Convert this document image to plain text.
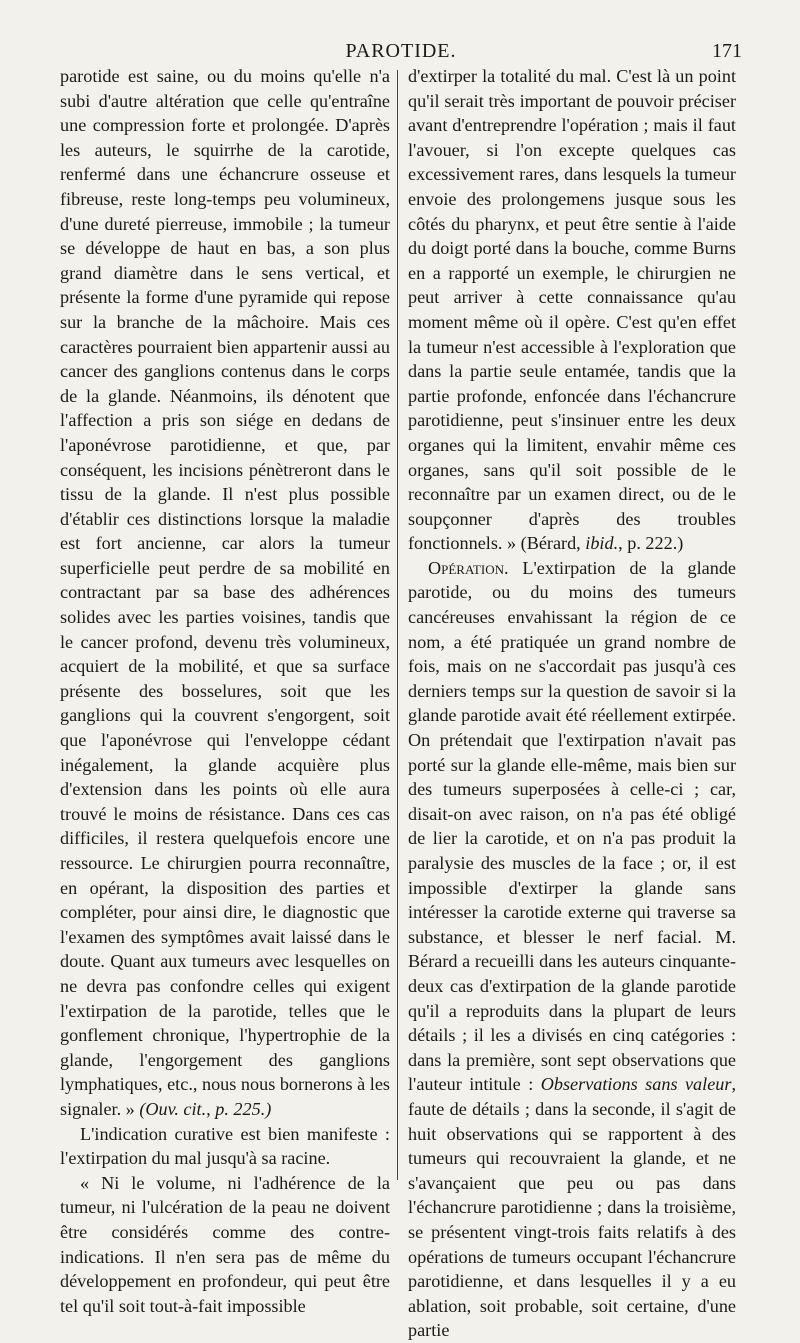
PAROTIDE.	171

parotide est saine, ou du moins qu'elle n'a subi d'autre altération que celle qu'entraîne une compression forte et prolongée. D'après les auteurs, le squirrhe de la carotide, renfermé dans une échancrure osseuse et fibreuse, reste long-temps peu volumineux, d'une dureté pierreuse, immobile ; la tumeur se développe de haut en bas, a son plus grand diamètre dans le sens vertical, et présente la forme d'une pyramide qui repose sur la branche de la mâchoire. Mais ces caractères pourraient bien appartenir aussi au cancer des ganglions contenus dans le corps de la glande. Néanmoins, ils dénotent que l'affection a pris son siége en dedans de l'aponévrose parotidienne, et que, par conséquent, les incisions pénètreront dans le tissu de la glande. Il n'est plus possible d'établir ces distinctions lorsque la maladie est fort ancienne, car alors la tumeur superficielle peut perdre de sa mobilité en contractant par sa base des adhérences solides avec les parties voisines, tandis que le cancer profond, devenu très volumineux, acquiert de la mobilité, et que sa surface présente des bosselures, soit que les ganglions qui la couvrent s'engorgent, soit que l'aponévrose qui l'enveloppe cédant inégalement, la glande acquière plus d'extension dans les points où elle aura trouvé le moins de résistance. Dans ces cas difficiles, il restera quelquefois encore une ressource. Le chirurgien pourra reconnaître, en opérant, la disposition des parties et compléter, pour ainsi dire, le diagnostic que l'examen des symptômes avait laissé dans le doute. Quant aux tumeurs avec lesquelles on ne devra pas confondre celles qui exigent l'extirpation de la parotide, telles que le gonflement chronique, l'hypertrophie de la glande, l'engorgement des ganglions lymphatiques, etc., nous nous bornerons à les signaler. » (Ouv. cit., p. 225.)

L'indication curative est bien manifeste : l'extirpation du mal jusqu'à sa racine.

« Ni le volume, ni l'adhérence de la tumeur, ni l'ulcération de la peau ne doivent être considérés comme des contre-indications. Il n'en sera pas de même du développement en profondeur, qui peut être tel qu'il soit tout-à-fait impossible

d'extirper la totalité du mal. C'est là un point qu'il serait très important de pouvoir préciser avant d'entreprendre l'opération ; mais il faut l'avouer, si l'on excepte quelques cas excessivement rares, dans lesquels la tumeur envoie des prolongemens jusque sous les côtés du pharynx, et peut être sentie à l'aide du doigt porté dans la bouche, comme Burns en a rapporté un exemple, le chirurgien ne peut arriver à cette connaissance qu'au moment même où il opère. C'est qu'en effet la tumeur n'est accessible à l'exploration que dans la partie seule entamée, tandis que la partie profonde, enfoncée dans l'échancrure parotidienne, peut s'insinuer entre les deux organes qui la limitent, envahir même ces organes, sans qu'il soit possible de le reconnaître par un examen direct, ou de le soupçonner d'après des troubles fonctionnels. » (Bérard, ibid., p. 222.)

Opération. L'extirpation de la glande parotide, ou du moins des tumeurs cancéreuses envahissant la région de ce nom, a été pratiquée un grand nombre de fois, mais on ne s'accordait pas jusqu'à ces derniers temps sur la question de savoir si la glande parotide avait été réellement extirpée. On prétendait que l'extirpation n'avait pas porté sur la glande elle-même, mais bien sur des tumeurs superposées à celle-ci ; car, disait-on avec raison, on n'a pas été obligé de lier la carotide, et on n'a pas produit la paralysie des muscles de la face ; or, il est impossible d'extirper la glande sans intéresser la carotide externe qui traverse sa substance, et blesser le nerf facial. M. Bérard a recueilli dans les auteurs cinquante-deux cas d'extirpation de la glande parotide qu'il a reproduits dans la plupart de leurs détails ; il les a divisés en cinq catégories : dans la première, sont sept observations que l'auteur intitule : Observations sans valeur, faute de détails ; dans la seconde, il s'agit de huit observations qui se rapportent à des tumeurs qui recouvraient la glande, et ne s'avançaient que peu ou pas dans l'échancrure parotidienne ; dans la troisième, se présentent vingt-trois faits relatifs à des opérations de tumeurs occupant l'échancrure parotidienne, et dans lesquelles il y a eu ablation, soit probable, soit certaine, d'une partie
